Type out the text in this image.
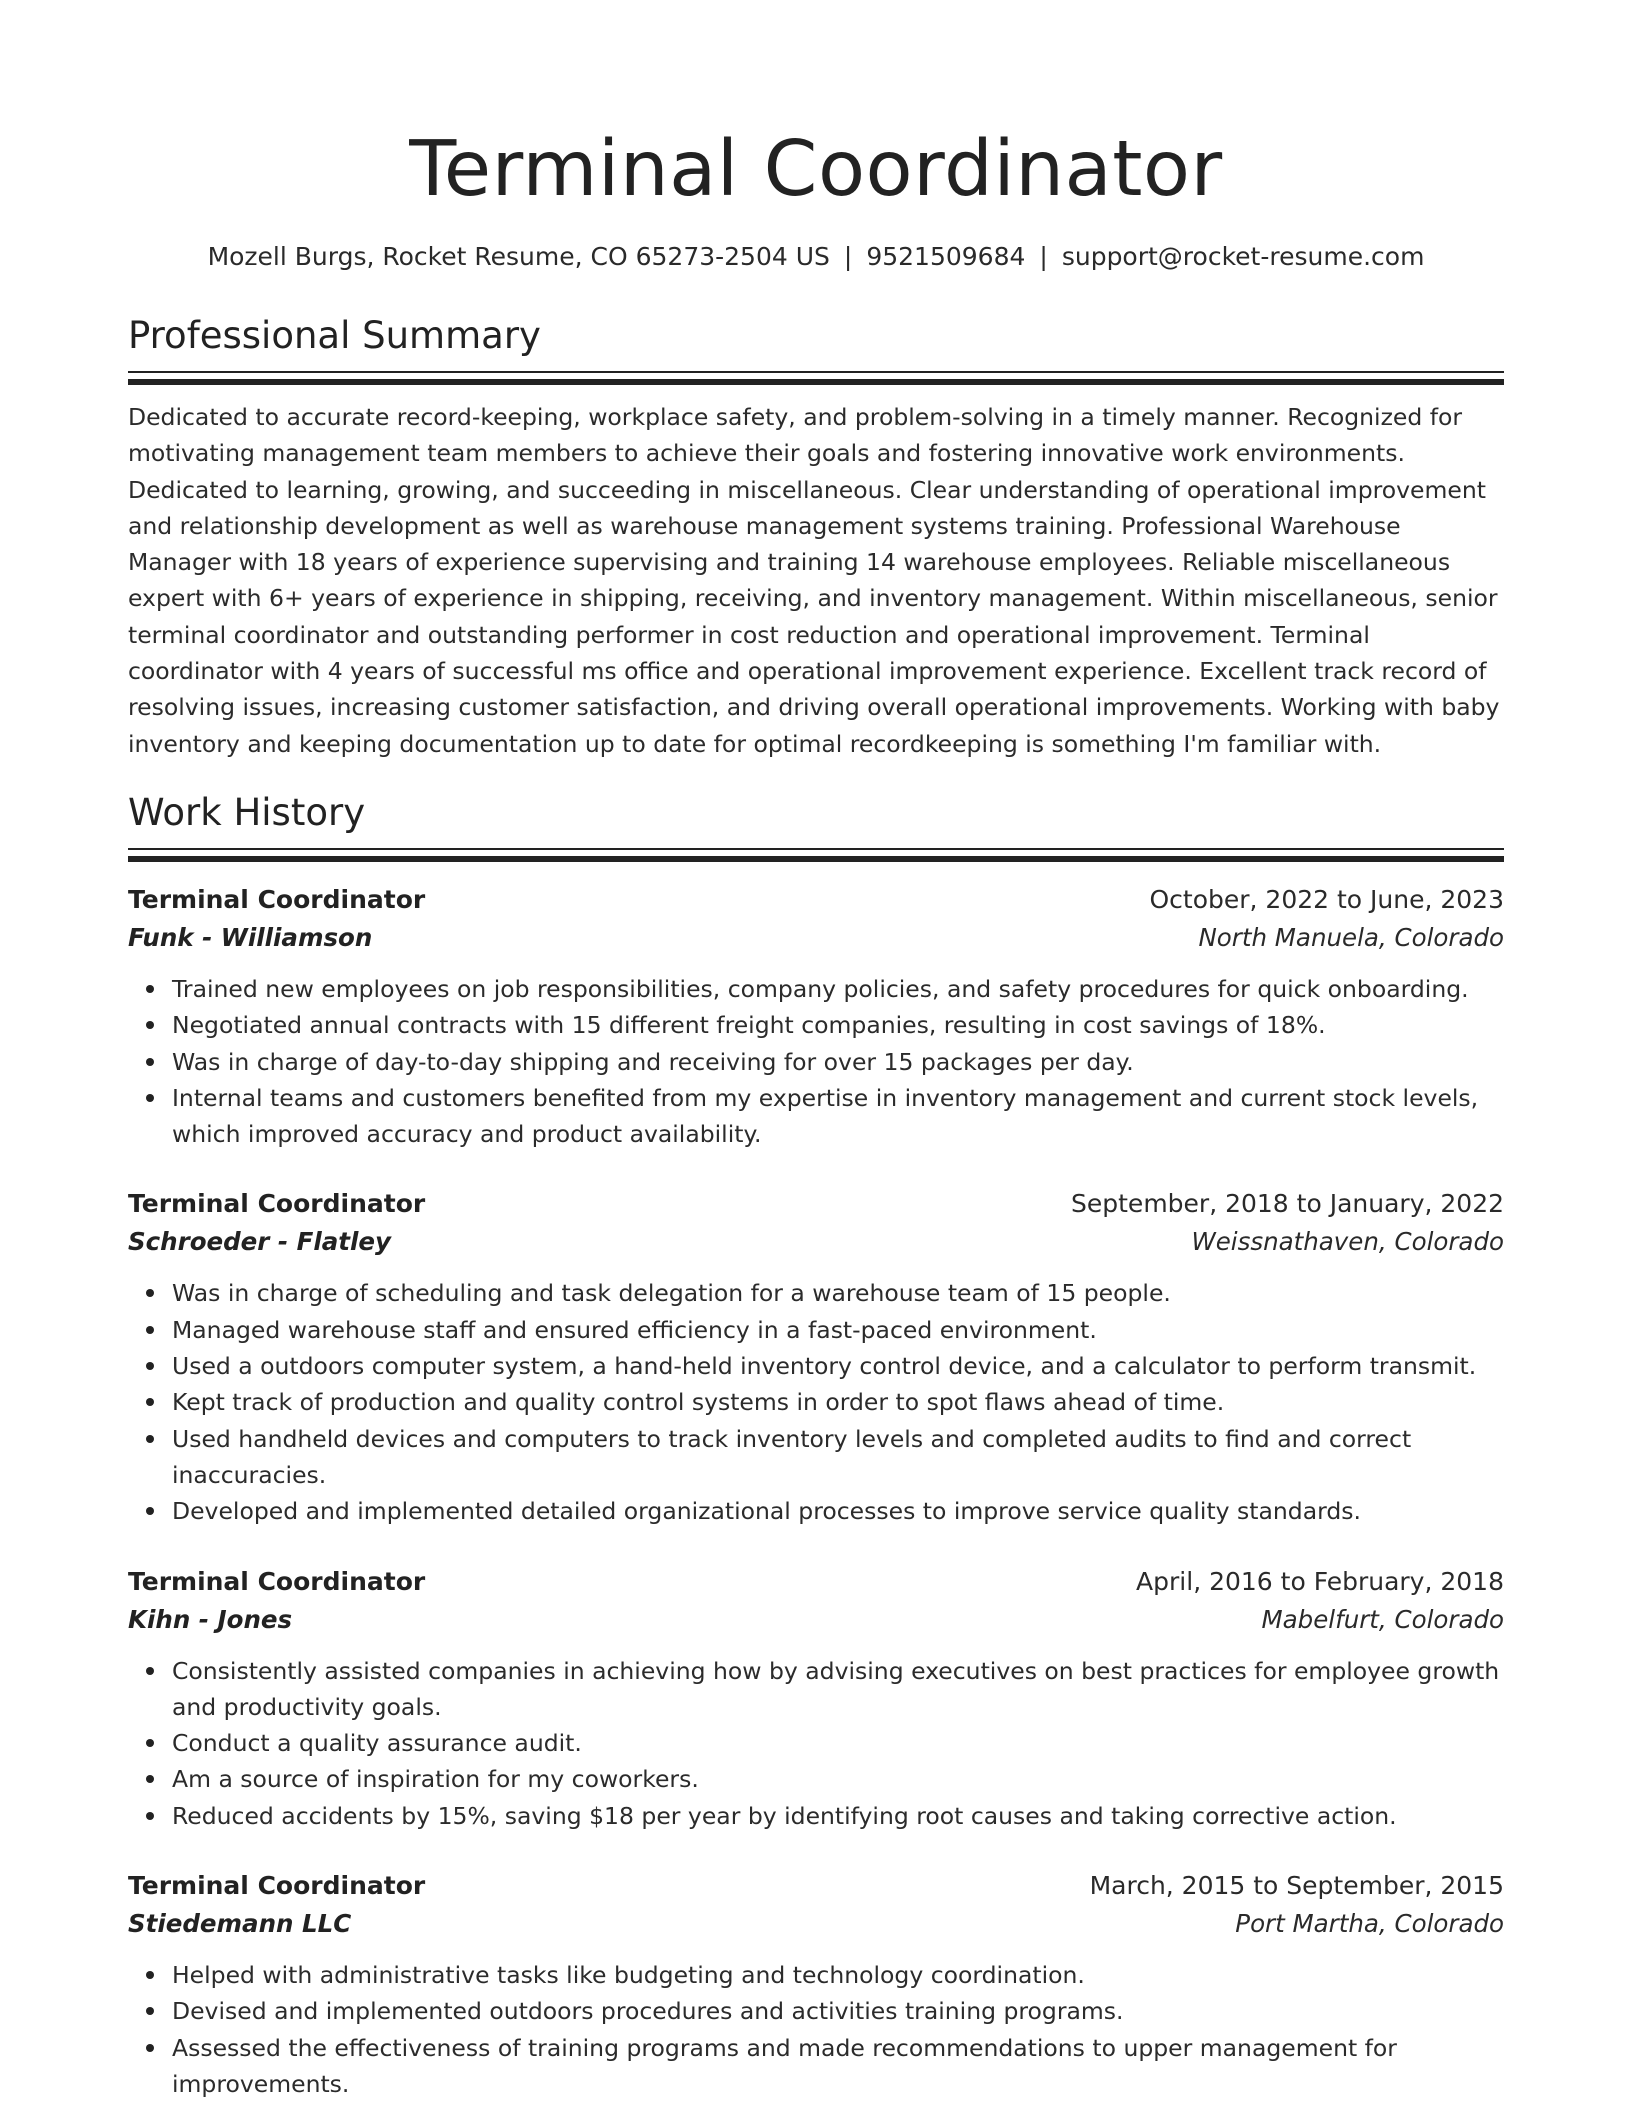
Terminal Coordinator
Mozell Burgs, Rocket Resume, CO 65273-2504 US | 9521509684 | support@rocket-resume.com
Professional Summary
Dedicated to accurate record-keeping, workplace safety, and problem-solving in a timely manner. Recognized for motivating management team members to achieve their goals and fostering innovative work environments. Dedicated to learning, growing, and succeeding in miscellaneous. Clear understanding of operational improvement and relationship development as well as warehouse management systems training. Professional Warehouse Manager with 18 years of experience supervising and training 14 warehouse employees. Reliable miscellaneous expert with 6+ years of experience in shipping, receiving, and inventory management. Within miscellaneous, senior terminal coordinator and outstanding performer in cost reduction and operational improvement. Terminal coordinator with 4 years of successful ms office and operational improvement experience. Excellent track record of resolving issues, increasing customer satisfaction, and driving overall operational improvements. Working with baby inventory and keeping documentation up to date for optimal recordkeeping is something I'm familiar with.
Work History
Terminal Coordinator	October, 2022 to June, 2023
Funk - Williamson	North Manuela, Colorado
Trained new employees on job responsibilities, company policies, and safety procedures for quick onboarding.
Negotiated annual contracts with 15 different freight companies, resulting in cost savings of 18%.
Was in charge of day-to-day shipping and receiving for over 15 packages per day.
Internal teams and customers benefited from my expertise in inventory management and current stock levels, which improved accuracy and product availability.
Terminal Coordinator	September, 2018 to January, 2022
Schroeder - Flatley	Weissnathaven, Colorado
Was in charge of scheduling and task delegation for a warehouse team of 15 people.
Managed warehouse staff and ensured efficiency in a fast-paced environment.
Used a outdoors computer system, a hand-held inventory control device, and a calculator to perform transmit.
Kept track of production and quality control systems in order to spot flaws ahead of time.
Used handheld devices and computers to track inventory levels and completed audits to find and correct inaccuracies.
Developed and implemented detailed organizational processes to improve service quality standards.
Terminal Coordinator	April, 2016 to February, 2018
Kihn - Jones	Mabelfurt, Colorado
Consistently assisted companies in achieving how by advising executives on best practices for employee growth and productivity goals.
Conduct a quality assurance audit.
Am a source of inspiration for my coworkers.
Reduced accidents by 15%, saving $18 per year by identifying root causes and taking corrective action.
Terminal Coordinator	March, 2015 to September, 2015
Stiedemann LLC	Port Martha, Colorado
Helped with administrative tasks like budgeting and technology coordination.
Devised and implemented outdoors procedures and activities training programs.
Assessed the effectiveness of training programs and made recommendations to upper management for improvements.
